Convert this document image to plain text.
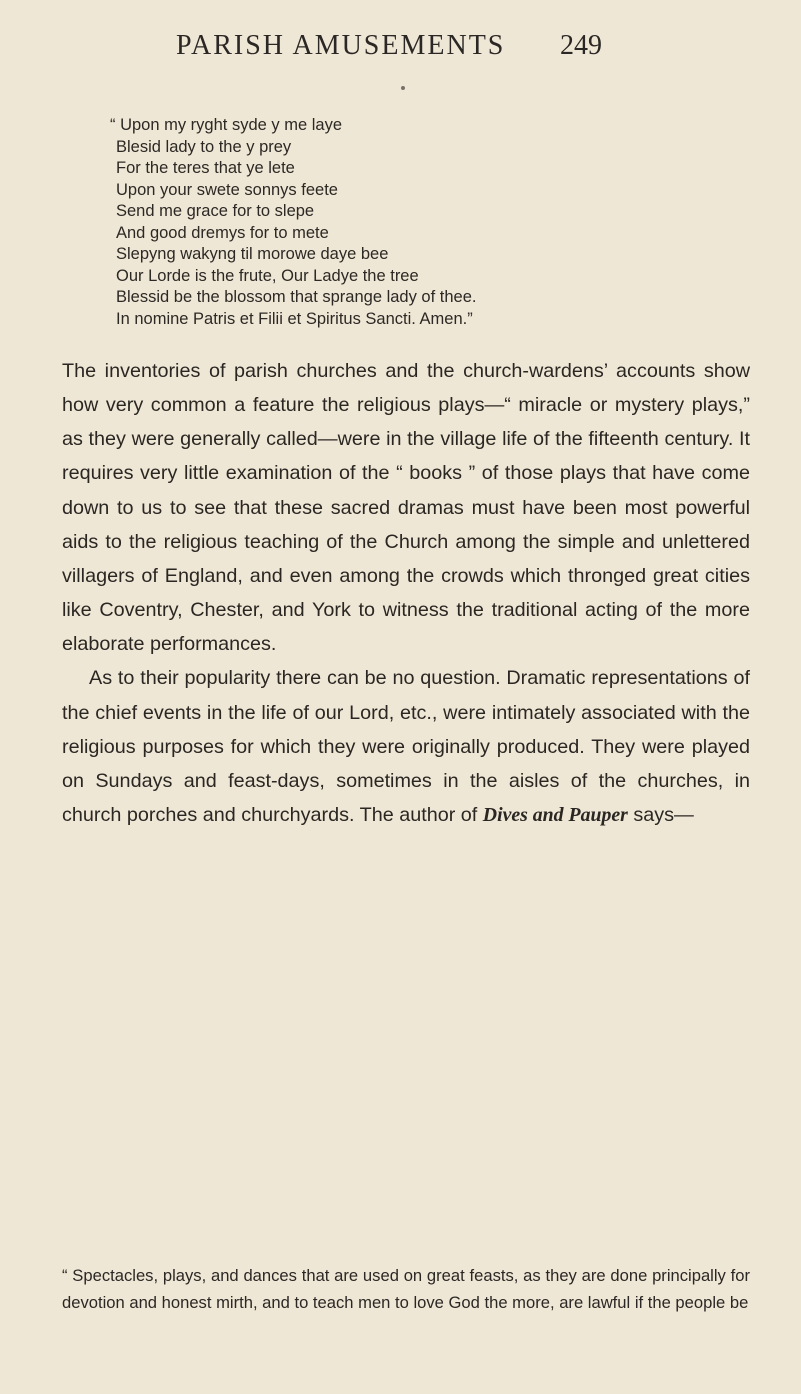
PARISH AMUSEMENTS 249
“ Upon my ryght syde y me laye
Blesid lady to the y prey
For the teres that ye lete
Upon your swete sonnys feete
Send me grace for to slepe
And good dremys for to mete
Slepyng wakyng til morowe daye bee
Our Lorde is the frute, Our Ladye the tree
Blessid be the blossom that sprange lady of thee.
In nomine Patris et Filii et Spiritus Sancti. Amen.”

The inventories of parish churches and the church-wardens’ accounts show how very common a feature the religious plays—“ miracle or mystery plays,” as they were generally called—were in the village life of the fifteenth century. It requires very little examination of the “ books ” of those plays that have come down to us to see that these sacred dramas must have been most powerful aids to the religious teaching of the Church among the simple and unlettered villagers of England, and even among the crowds which thronged great cities like Coventry, Chester, and York to witness the traditional acting of the more elaborate performances.

As to their popularity there can be no question. Dramatic representations of the chief events in the life of our Lord, etc., were intimately associated with the religious purposes for which they were originally produced. They were played on Sundays and feast-days, sometimes in the aisles of the churches, in church porches and churchyards. The author of Dives and Pauper says—

“ Spectacles, plays, and dances that are used on great feasts, as they are done principally for devotion and honest mirth, and to teach men to love God the more, are lawful if the people be
